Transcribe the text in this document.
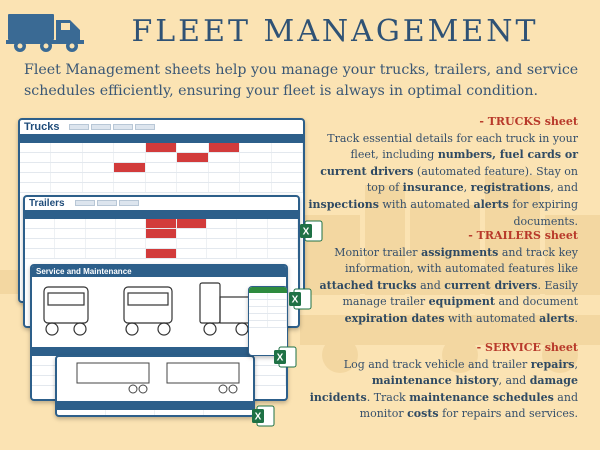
FLEET MANAGEMENT
Fleet Management sheets help you manage your trucks, trailers, and service schedules efficiently, ensuring your fleet is always in optimal condition.
Trucks
Trailers
Service and Maintenance
X
X
X
X
- TRUCKS sheet
Track essential details for each truck in your fleet, including numbers, fuel cards or current drivers (automated feature). Stay on top of insurance, registrations, and inspections with automated alerts for expiring documents.
- TRAILERS sheet
Monitor trailer assignments and track key information, with automated features like attached trucks and current drivers. Easily manage trailer equipment and document expiration dates with automated alerts.
- SERVICE sheet
Log and track vehicle and trailer repairs, maintenance history, and damage incidents. Track maintenance schedules and monitor costs for repairs and services.
